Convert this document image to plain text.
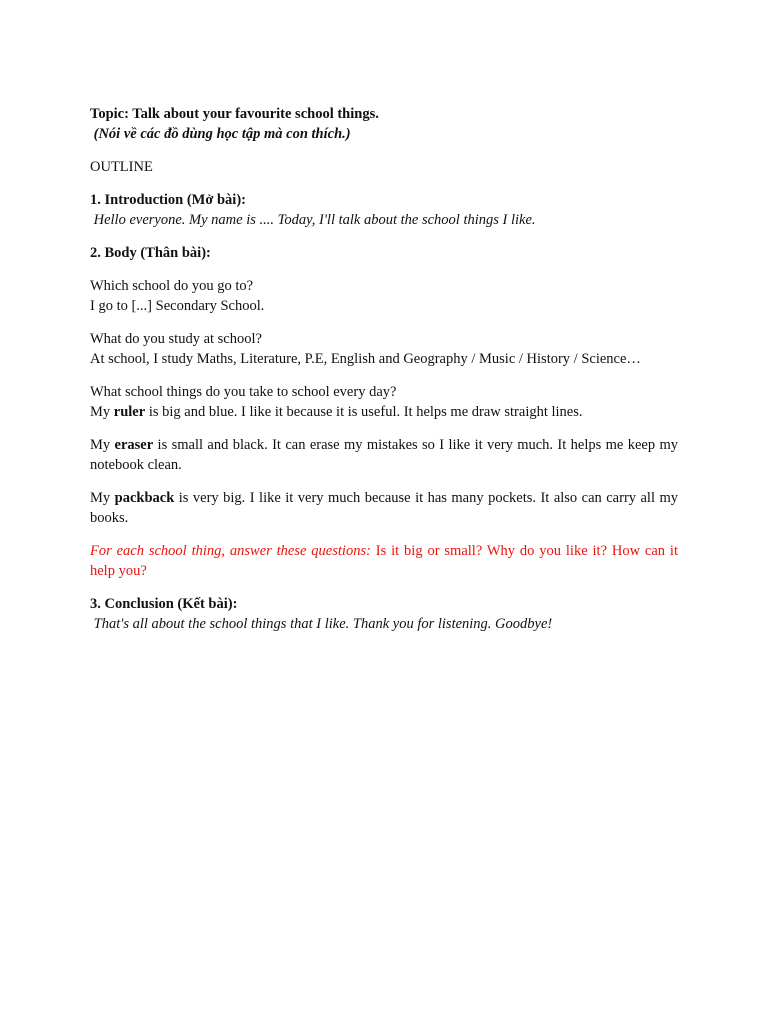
Topic: Talk about your favourite school things.
(Nói về các đồ dùng học tập mà con thích.)
OUTLINE
1. Introduction (Mở bài):
Hello everyone. My name is .... Today, I'll talk about the school things I like.
2. Body (Thân bài):
Which school do you go to?
I go to [...] Secondary School.
What do you study at school?
At school, I study Maths, Literature, P.E, English and Geography / Music / History / Science…
What school things do you take to school every day?
My ruler is big and blue. I like it because it is useful. It helps me draw straight lines.
My eraser is small and black. It can erase my mistakes so I like it very much. It helps me keep my notebook clean.
My packback is very big. I like it very much because it has many pockets. It also can carry all my books.
For each school thing, answer these questions: Is it big or small? Why do you like it? How can it help you?
3. Conclusion (Kết bài):
That's all about the school things that I like. Thank you for listening. Goodbye!
